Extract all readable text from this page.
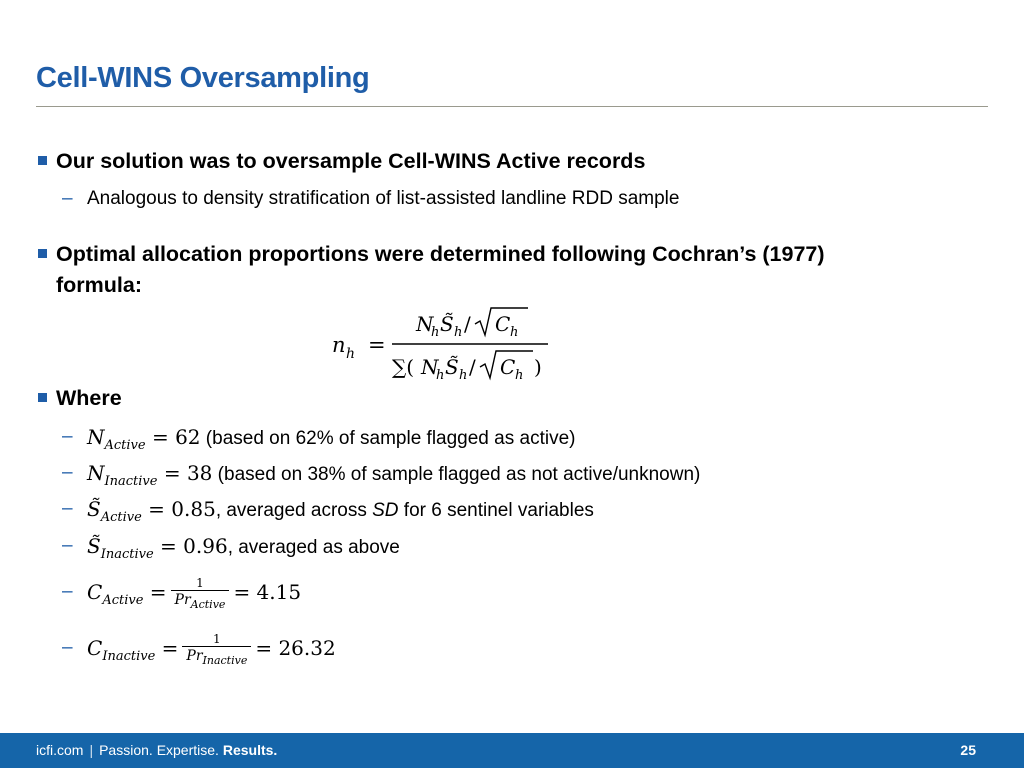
Cell-WINS Oversampling
Our solution was to oversample Cell-WINS Active records
– Analogous to density stratification of list-assisted landline RDD sample
Optimal allocation proportions were determined following Cochran’s (1977)
formula:
n h =
N
h S̃ h / C h
∑( N
h S̃ h / C h )
Where
– $N_{Active} = 62$ (based on 62% of sample flagged as active)
– $N_{Inactive} = 38$ (based on 38% of sample flagged as not active/unknown)
– $S̃_{Active} = 0.85$, averaged across SD for 6 sentinel variables
– $S̃_{Inactive} = 0.96$, averaged as above
– $C_{Active} = \frac{1}{Pr_{Active}} = 4.15$
– $C_{Inactive} = \frac{1}{Pr_{Inactive}} = 26.32$
icfi.com | Passion. Expertise. Results.	25
